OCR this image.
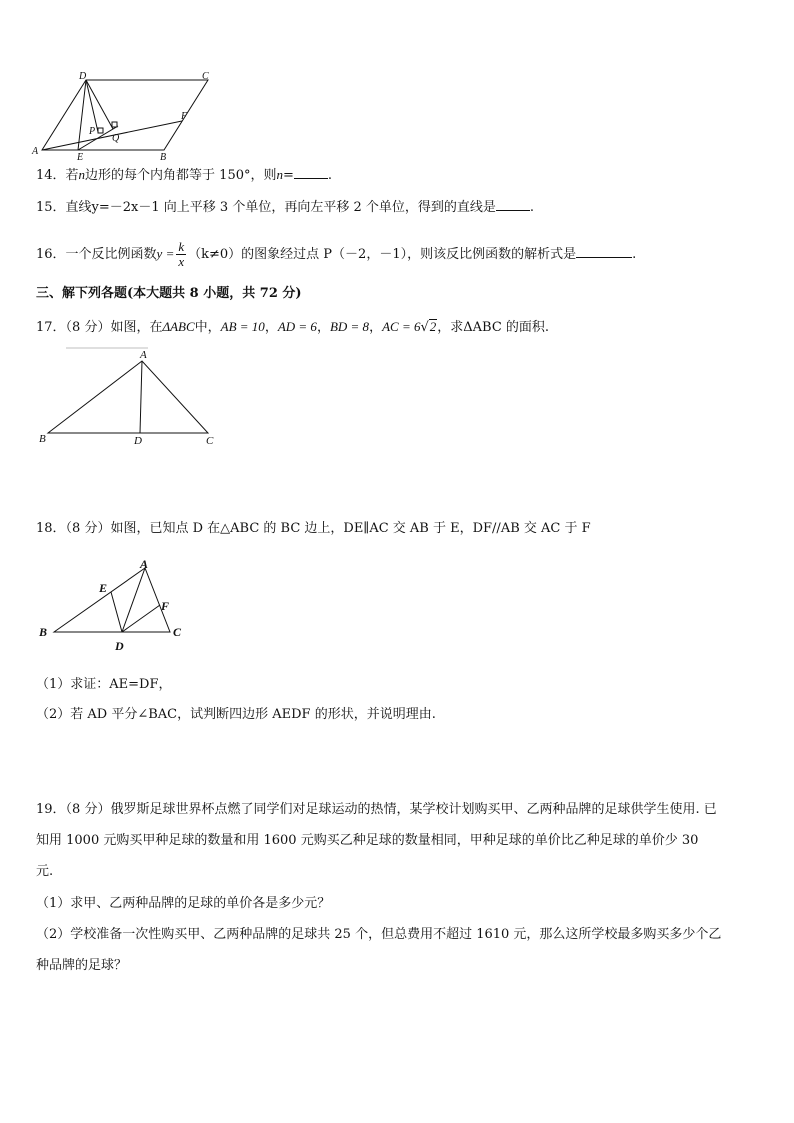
A
B
C
D
E
F
P
Q
14．若n边形的每个内角都等于 150°，则n=	.
15．直线y=－2x－1 向上平移 3 个单位，再向左平移 2 个单位，得到的直线是	.
16．一个反比例函数$y = \frac{k}{x} (k\ne 0)$的图象经过点 P（－2，－1），则该反比例函数的解析式是	.
三、解下列各题(本大题共 8 小题，共 72 分)
17．（8 分）如图，在ΔABC中，AB = 10，AD = 6，BD = 8，AC = 6√2，求ΔABC 的面积.
A
B	D	C
18．（8 分）如图，已知点 D 在△ABC 的 BC 边上，DE∥AC 交 AB 于 E，DF//AB 交 AC 于 F
A
B	C
D
E
F
（1）求证：AE=DF，
（2）若 AD 平分∠BAC，试判断四边形 AEDF 的形状，并说明理由.
19．（8 分）俄罗斯足球世界杯点燃了同学们对足球运动的热情，某学校计划购买甲、乙两种品牌的足球供学生使用. 已
知用 1000 元购买甲种足球的数量和用 1600 元购买乙种足球的数量相同，甲种足球的单价比乙种足球的单价少 30
元.
（1）求甲、乙两种品牌的足球的单价各是多少元？
（2）学校准备一次性购买甲、乙两种品牌的足球共 25 个，但总费用不超过 1610 元，那么这所学校最多购买多少个乙
种品牌的足球？
